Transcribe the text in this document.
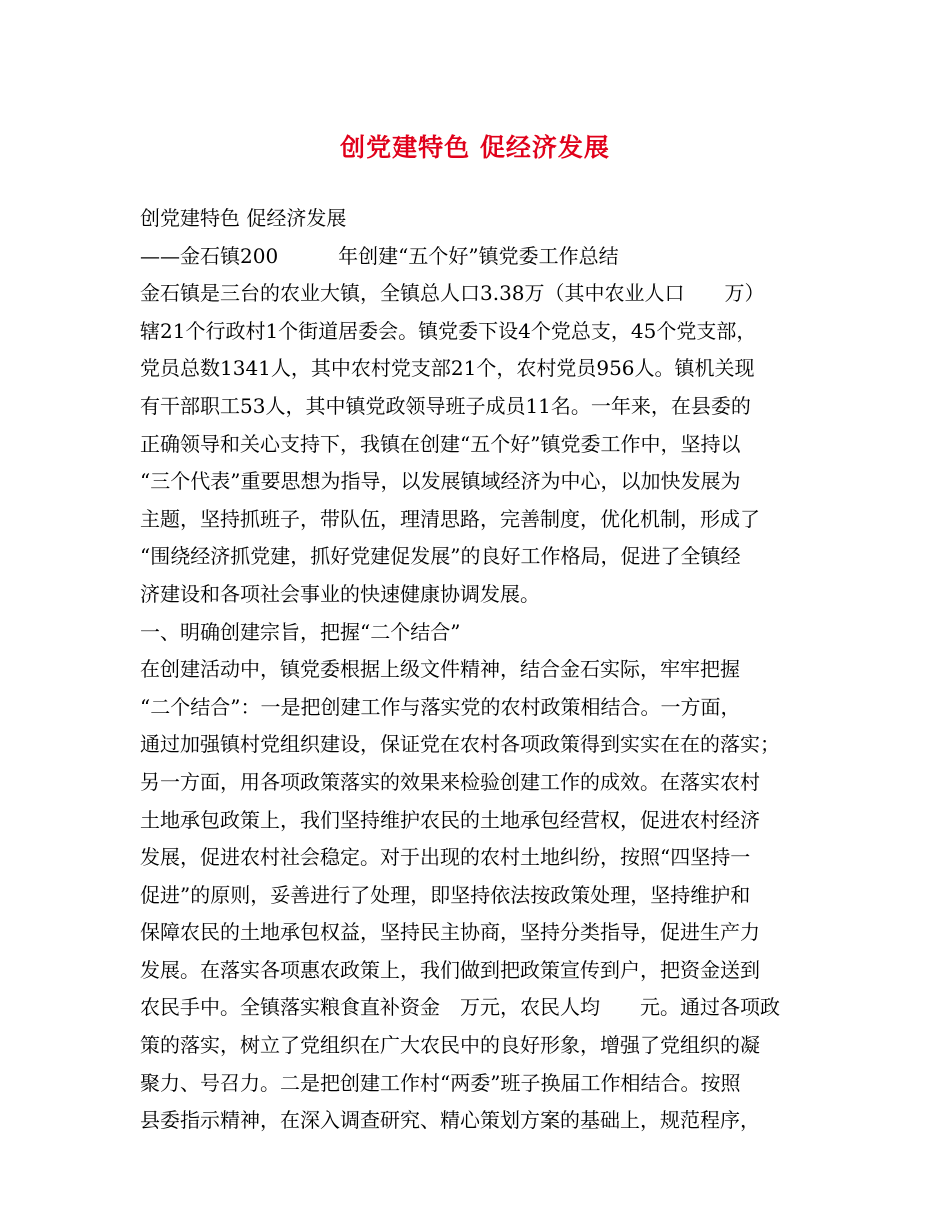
创党建特色 促经济发展
创党建特色 促经济发展
——金石镇200　　　年创建“五个好”镇党委工作总结
金石镇是三台的农业大镇，全镇总人口3.38万（其中农业人口　　万）
辖21个行政村1个街道居委会。镇党委下设4个党总支，45个党支部，
党员总数1341人，其中农村党支部21个，农村党员956人。镇机关现
有干部职工53人，其中镇党政领导班子成员11名。一年来，在县委的
正确领导和关心支持下，我镇在创建“五个好”镇党委工作中，坚持以
“三个代表”重要思想为指导，以发展镇域经济为中心，以加快发展为
主题，坚持抓班子，带队伍，理清思路，完善制度，优化机制，形成了
“围绕经济抓党建，抓好党建促发展”的良好工作格局，促进了全镇经
济建设和各项社会事业的快速健康协调发展。
一、明确创建宗旨，把握“二个结合”
在创建活动中，镇党委根据上级文件精神，结合金石实际，牢牢把握
“二个结合”：一是把创建工作与落实党的农村政策相结合。一方面，
通过加强镇村党组织建设，保证党在农村各项政策得到实实在在的落实；
另一方面，用各项政策落实的效果来检验创建工作的成效。在落实农村
土地承包政策上，我们坚持维护农民的土地承包经营权，促进农村经济
发展，促进农村社会稳定。对于出现的农村土地纠纷，按照“四坚持一
促进”的原则，妥善进行了处理，即坚持依法按政策处理，坚持维护和
保障农民的土地承包权益，坚持民主协商，坚持分类指导，促进生产力
发展。在落实各项惠农政策上，我们做到把政策宣传到户，把资金送到
农民手中。全镇落实粮食直补资金　万元，农民人均　　元。通过各项政
策的落实，树立了党组织在广大农民中的良好形象，增强了党组织的凝
聚力、号召力。二是把创建工作村“两委”班子换届工作相结合。按照
县委指示精神，在深入调查研究、精心策划方案的基础上，规范程序，
